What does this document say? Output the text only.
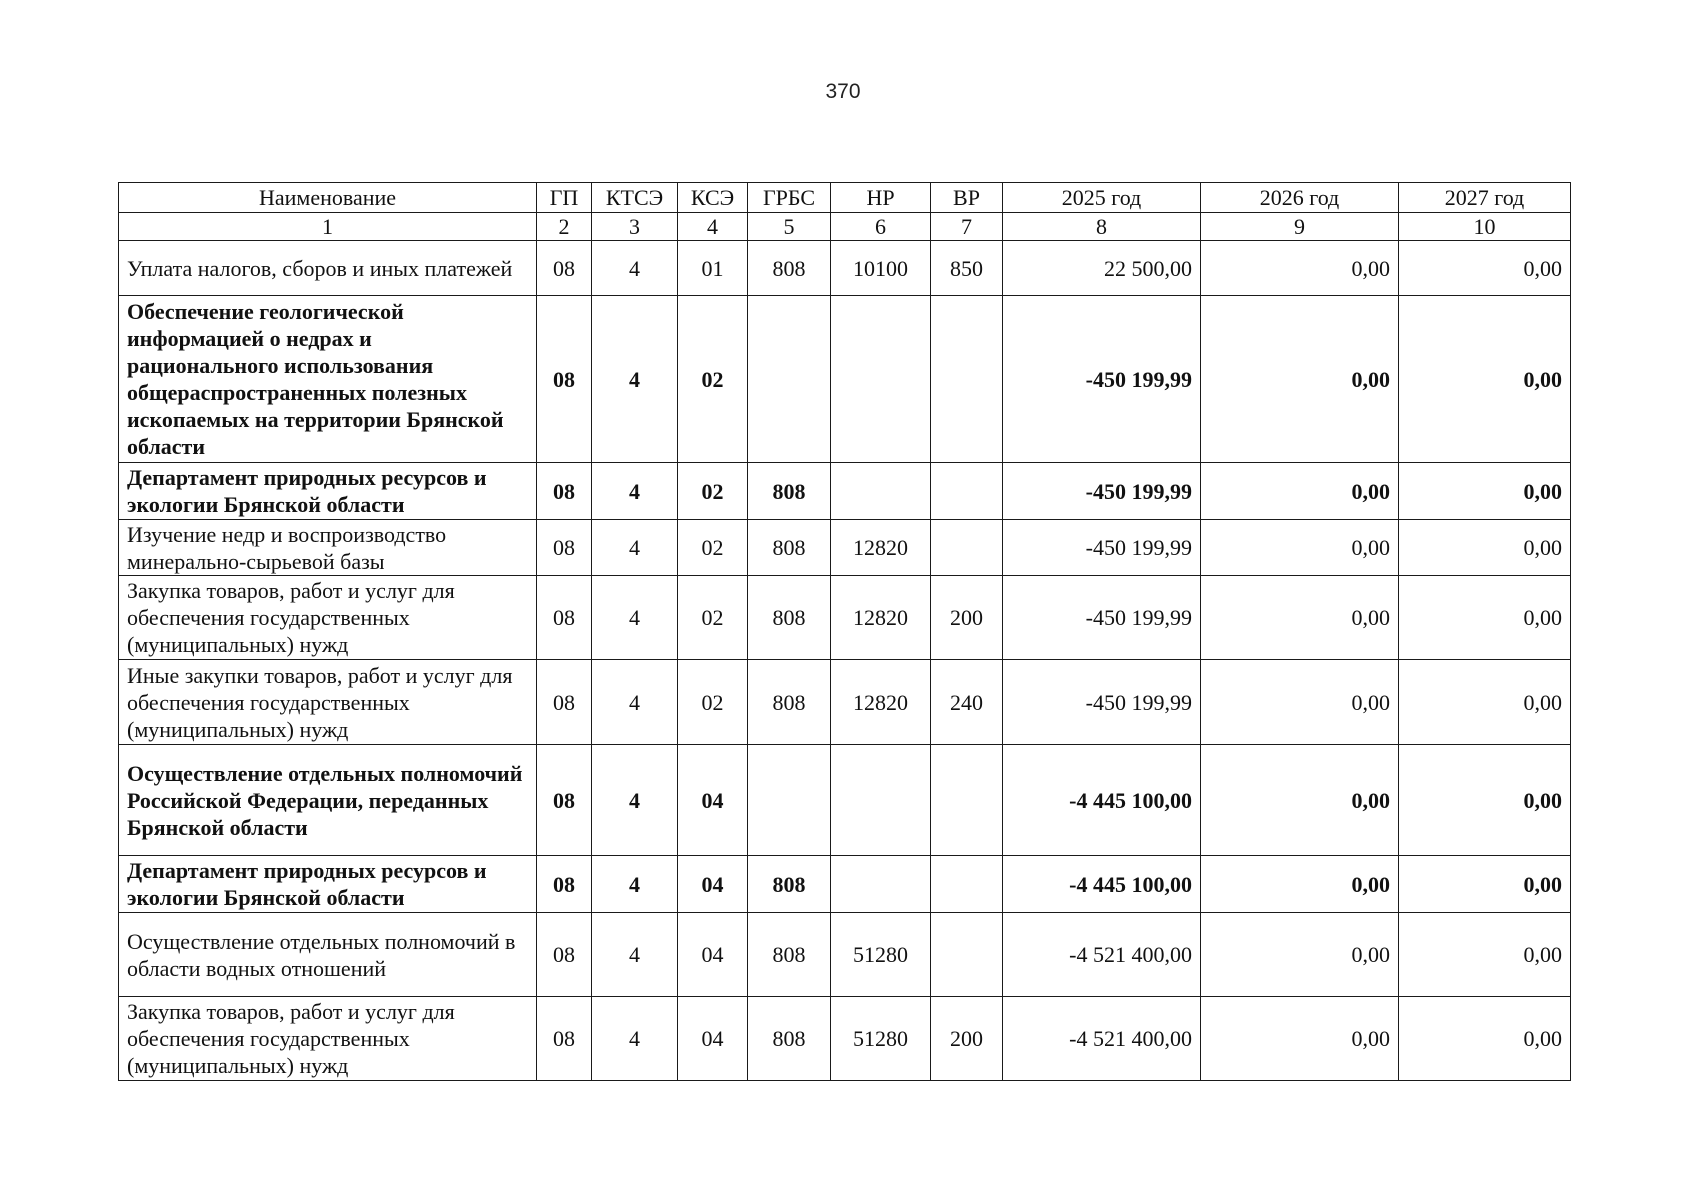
370
Наименование	ГП	КТСЭ	КСЭ	ГРБС	НР	ВР	2025 год	2026 год	2027 год
1	2	3	4	5	6	7	8	9	10
Уплата налогов, сборов и иных платежей	08	4	01	808	10100	850	22 500,00	0,00	0,00
Обеспечение геологической информацией о недрах и рационального использования общераспространенных полезных ископаемых на территории Брянской области	08	4	02				-450 199,99	0,00	0,00
Департамент природных ресурсов и экологии Брянской области	08	4	02	808			-450 199,99	0,00	0,00
Изучение недр и воспроизводство минерально-сырьевой базы	08	4	02	808	12820		-450 199,99	0,00	0,00
Закупка товаров, работ и услуг для обеспечения государственных (муниципальных) нужд	08	4	02	808	12820	200	-450 199,99	0,00	0,00
Иные закупки товаров, работ и услуг для обеспечения государственных (муниципальных) нужд	08	4	02	808	12820	240	-450 199,99	0,00	0,00
Осуществление отдельных полномочий Российской Федерации, переданных Брянской области	08	4	04				-4 445 100,00	0,00	0,00
Департамент природных ресурсов и экологии Брянской области	08	4	04	808			-4 445 100,00	0,00	0,00
Осуществление отдельных полномочий в области водных отношений	08	4	04	808	51280		-4 521 400,00	0,00	0,00
Закупка товаров, работ и услуг для обеспечения государственных (муниципальных) нужд	08	4	04	808	51280	200	-4 521 400,00	0,00	0,00
